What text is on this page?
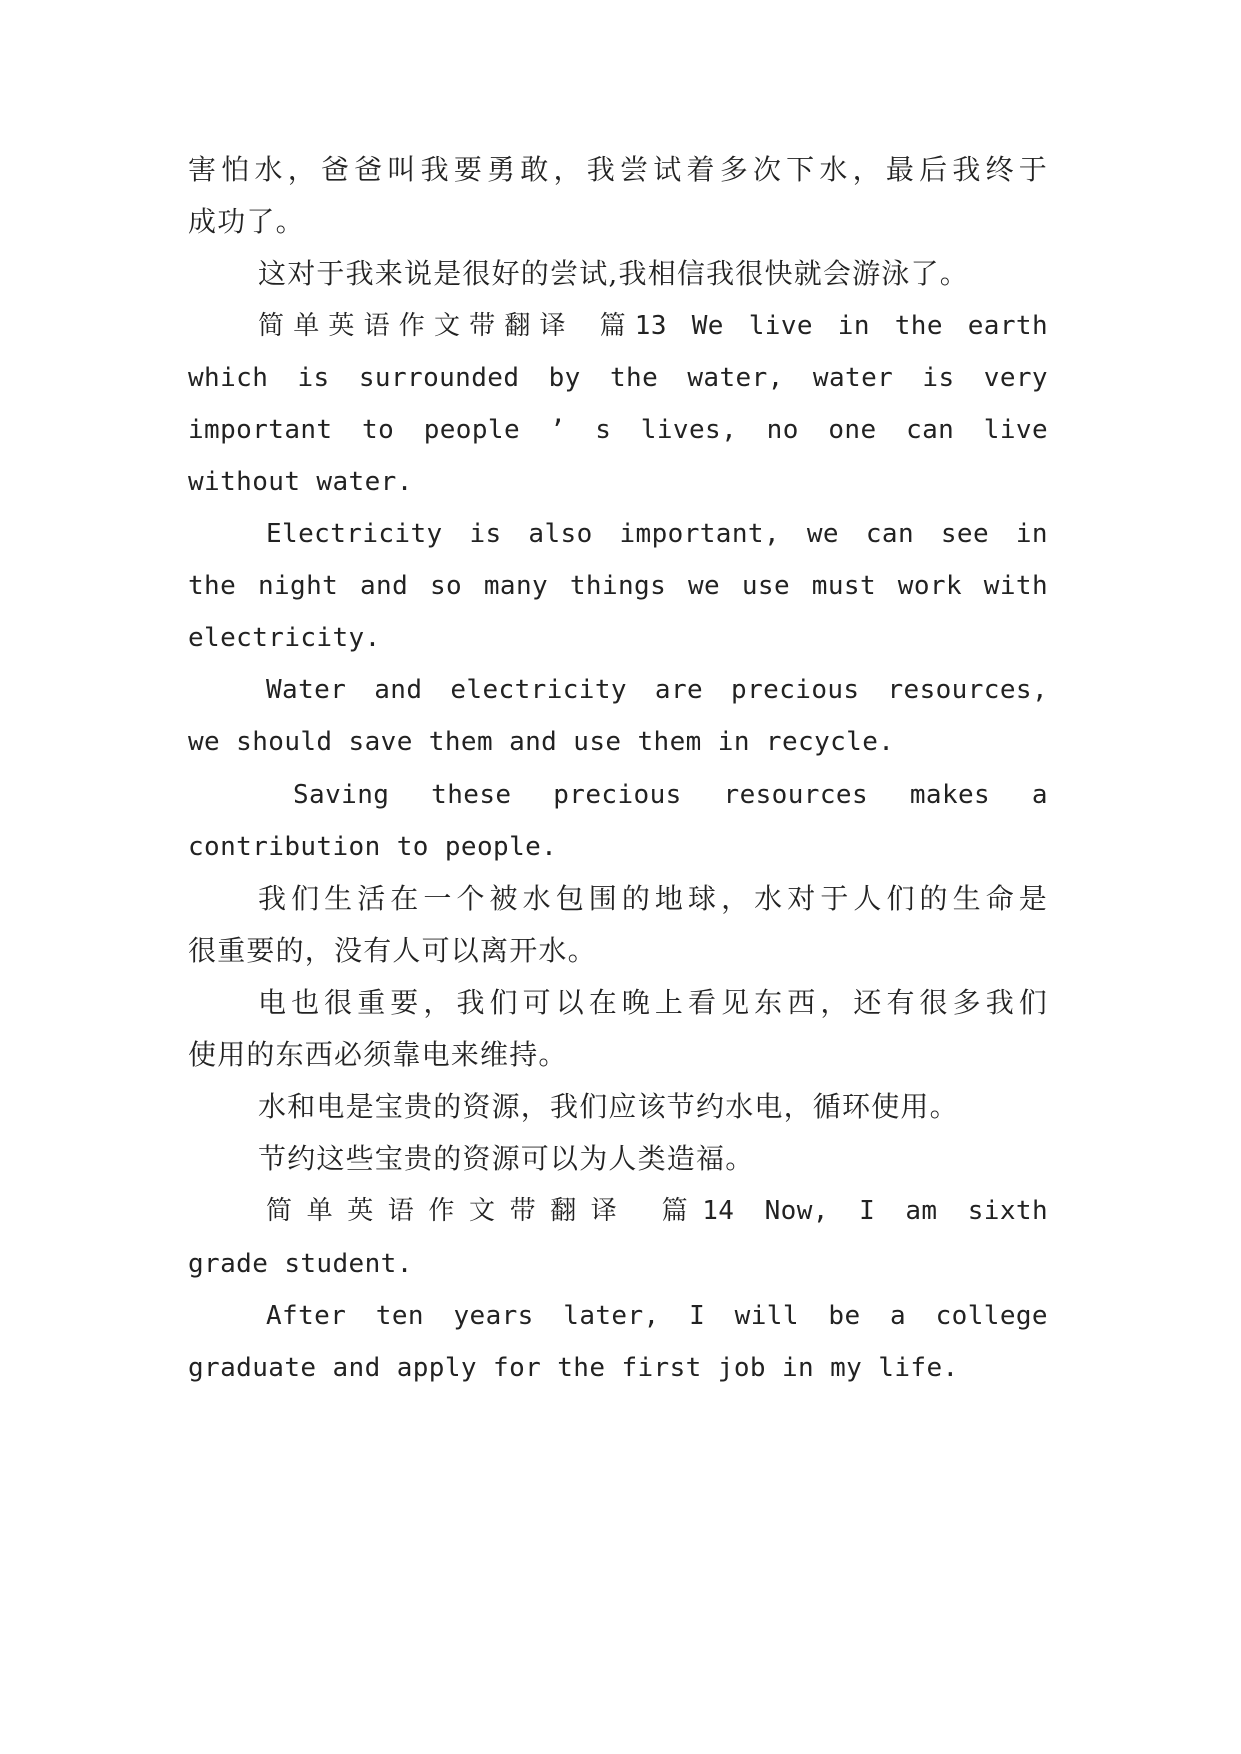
害怕水，爸爸叫我要勇敢，我尝试着多次下水，最后我终于
成功了。
这对于我来说是很好的尝试,我相信我很快就会游泳了。
简单英语作文带翻译 篇13 We live in the earth
which is surrounded by the water, water is very
important to people ’ s lives, no one can live
without water.
Electricity is also important, we can see in
the night and so many things we use must work with
electricity.
Water and electricity are precious resources,
we should save them and use them in recycle.
Saving these precious resources makes a
contribution to people.
我们生活在一个被水包围的地球，水对于人们的生命是
很重要的，没有人可以离开水。
电也很重要，我们可以在晚上看见东西，还有很多我们
使用的东西必须靠电来维持。
水和电是宝贵的资源，我们应该节约水电，循环使用。
节约这些宝贵的资源可以为人类造福。
简单英语作文带翻译 篇14 Now, I am sixth
grade student.
After ten years later, I will be a college
graduate and apply for the first job in my life.
